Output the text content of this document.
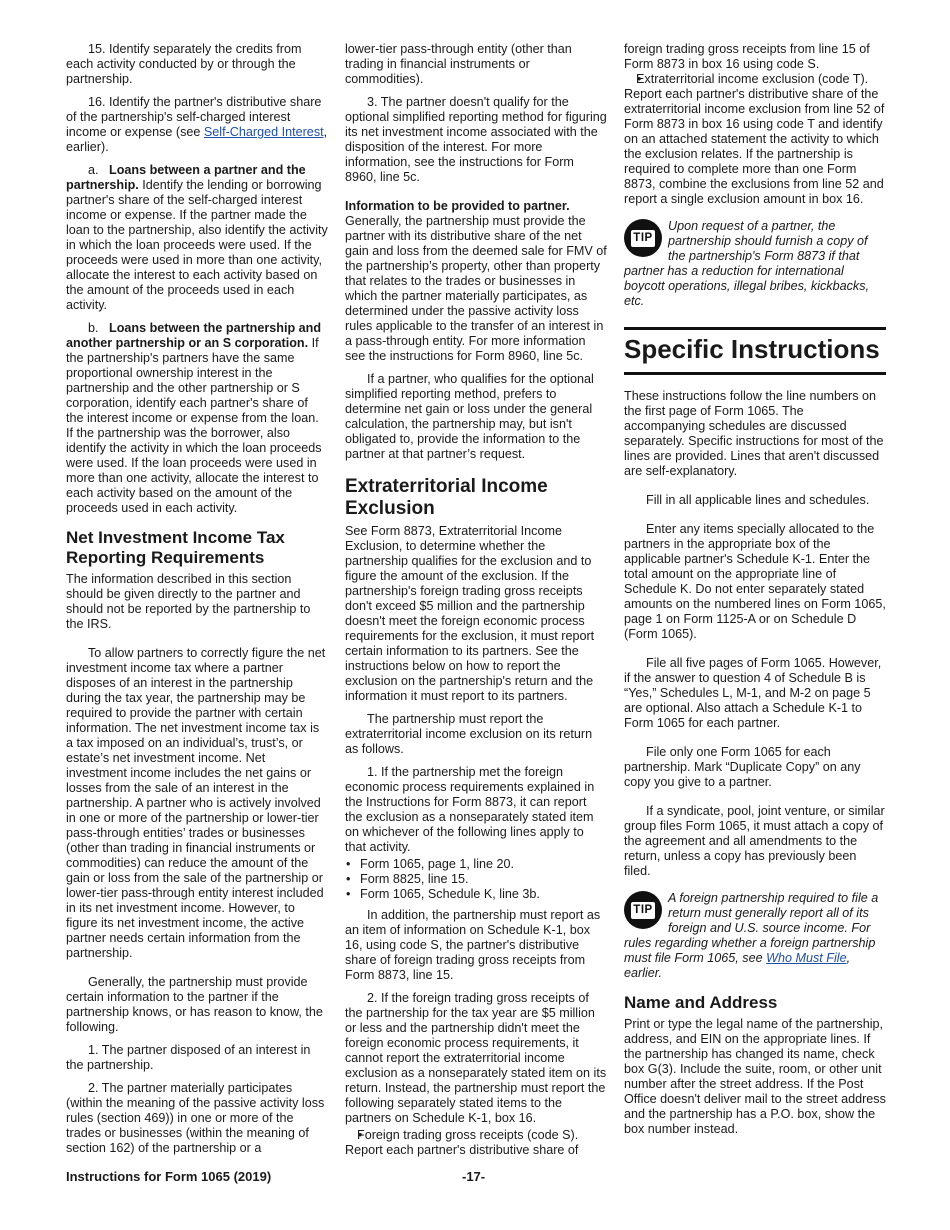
15. Identify separately the credits from each activity conducted by or through the partnership.

16. Identify the partner's distributive share of the partnership's self-charged interest income or expense (see Self-Charged Interest, earlier).

a. Loans between a partner and the partnership. Identify the lending or borrowing partner's share of the self-charged interest income or expense. If the partner made the loan to the partnership, also identify the activity in which the loan proceeds were used. If the proceeds were used in more than one activity, allocate the interest to each activity based on the amount of the proceeds used in each activity.

b. Loans between the partnership and another partnership or an S corporation. If the partnership's partners have the same proportional ownership interest in the partnership and the other partnership or S corporation, identify each partner's share of the interest income or expense from the loan. If the partnership was the borrower, also identify the activity in which the loan proceeds were used. If the loan proceeds were used in more than one activity, allocate the interest to each activity based on the amount of the proceeds used in each activity.

Net Investment Income Tax Reporting Requirements

The information described in this section should be given directly to the partner and should not be reported by the partnership to the IRS.

To allow partners to correctly figure the net investment income tax where a partner disposes of an interest in the partnership during the tax year, the partnership may be required to provide the partner with certain information. The net investment income tax is a tax imposed on an individual’s, trust’s, or estate’s net investment income. Net investment income includes the net gains or losses from the sale of an interest in the partnership. A partner who is actively involved in one or more of the partnership or lower-tier pass-through entities’ trades or businesses (other than trading in financial instruments or commodities) can reduce the amount of the gain or loss from the sale of the partnership or lower-tier pass-through entity interest included in its net investment income. However, to figure its net investment income, the active partner needs certain information from the partnership.

Generally, the partnership must provide certain information to the partner if the partnership knows, or has reason to know, the following.

1. The partner disposed of an interest in the partnership.

2. The partner materially participates (within the meaning of the passive activity loss rules (section 469)) in one or more of the trades or businesses (within the meaning of section 162) of the partnership or a

lower-tier pass-through entity (other than trading in financial instruments or commodities).

3. The partner doesn't qualify for the optional simplified reporting method for figuring its net investment income associated with the disposition of the interest. For more information, see the instructions for Form 8960, line 5c.

Information to be provided to partner.
Generally, the partnership must provide the partner with its distributive share of the net gain and loss from the deemed sale for FMV of the partnership’s property, other than property that relates to the trades or businesses in which the partner materially participates, as determined under the passive activity loss rules applicable to the transfer of an interest in a pass-through entity. For more information see the instructions for Form 8960, line 5c.

If a partner, who qualifies for the optional simplified reporting method, prefers to determine net gain or loss under the general calculation, the partnership may, but isn't obligated to, provide the information to the partner at that partner’s request.

Extraterritorial Income Exclusion

See Form 8873, Extraterritorial Income Exclusion, to determine whether the partnership qualifies for the exclusion and to figure the amount of the exclusion. If the partnership's foreign trading gross receipts don't exceed $5 million and the partnership doesn't meet the foreign economic process requirements for the exclusion, it must report certain information to its partners. See the instructions below on how to report the exclusion on the partnership's return and the information it must report to its partners.

The partnership must report the extraterritorial income exclusion on its return as follows.

1. If the partnership met the foreign economic process requirements explained in the Instructions for Form 8873, it can report the exclusion as a nonseparately stated item on whichever of the following lines apply to that activity.

• Form 1065, page 1, line 20.
• Form 8825, line 15.
• Form 1065, Schedule K, line 3b.

In addition, the partnership must report as an item of information on Schedule K-1, box 16, using code S, the partner's distributive share of foreign trading gross receipts from Form 8873, line 15.

2. If the foreign trading gross receipts of the partnership for the tax year are $5 million or less and the partnership didn't meet the foreign economic process requirements, it cannot report the extraterritorial income exclusion as a nonseparately stated item on its return. Instead, the partnership must report the following separately stated items to the partners on Schedule K-1, box 16.

• Foreign trading gross receipts (code S). Report each partner's distributive share of

foreign trading gross receipts from line 15 of Form 8873 in box 16 using code S.

• Extraterritorial income exclusion (code T). Report each partner's distributive share of the extraterritorial income exclusion from line 52 of Form 8873 in box 16 using code T and identify on an attached statement the activity to which the exclusion relates. If the partnership is required to complete more than one Form 8873, combine the exclusions from line 52 and report a single exclusion amount in box 16.
TIP
Upon request of a partner, the partnership should furnish a copy of the partnership's Form 8873 if that partner has a reduction for international boycott operations, illegal bribes, kickbacks, etc.
Specific Instructions

These instructions follow the line numbers on the first page of Form 1065. The accompanying schedules are discussed separately. Specific instructions for most of the lines are provided. Lines that aren't discussed are self-explanatory.

Fill in all applicable lines and schedules.

Enter any items specially allocated to the partners in the appropriate box of the applicable partner's Schedule K-1. Enter the total amount on the appropriate line of Schedule K. Do not enter separately stated amounts on the numbered lines on Form 1065, page 1 on Form 1125-A or on Schedule D (Form 1065).

File all five pages of Form 1065. However, if the answer to question 4 of Schedule B is “Yes,” Schedules L, M-1, and M-2 on page 5 are optional. Also attach a Schedule K-1 to Form 1065 for each partner.

File only one Form 1065 for each partnership. Mark “Duplicate Copy” on any copy you give to a partner.

If a syndicate, pool, joint venture, or similar group files Form 1065, it must attach a copy of the agreement and all amendments to the return, unless a copy has previously been filed.

TIP
A foreign partnership required to file a return must generally report all of its foreign and U.S. source income. For rules regarding whether a foreign partnership must file Form 1065, see Who Must File, earlier.
Name and Address

Print or type the legal name of the partnership, address, and EIN on the appropriate lines. If the partnership has changed its name, check box G(3). Include the suite, room, or other unit number after the street address. If the Post Office doesn't deliver mail to the street address and the partnership has a P.O. box, show the box number instead.

Instructions for Form 1065 (2019)	-17-
